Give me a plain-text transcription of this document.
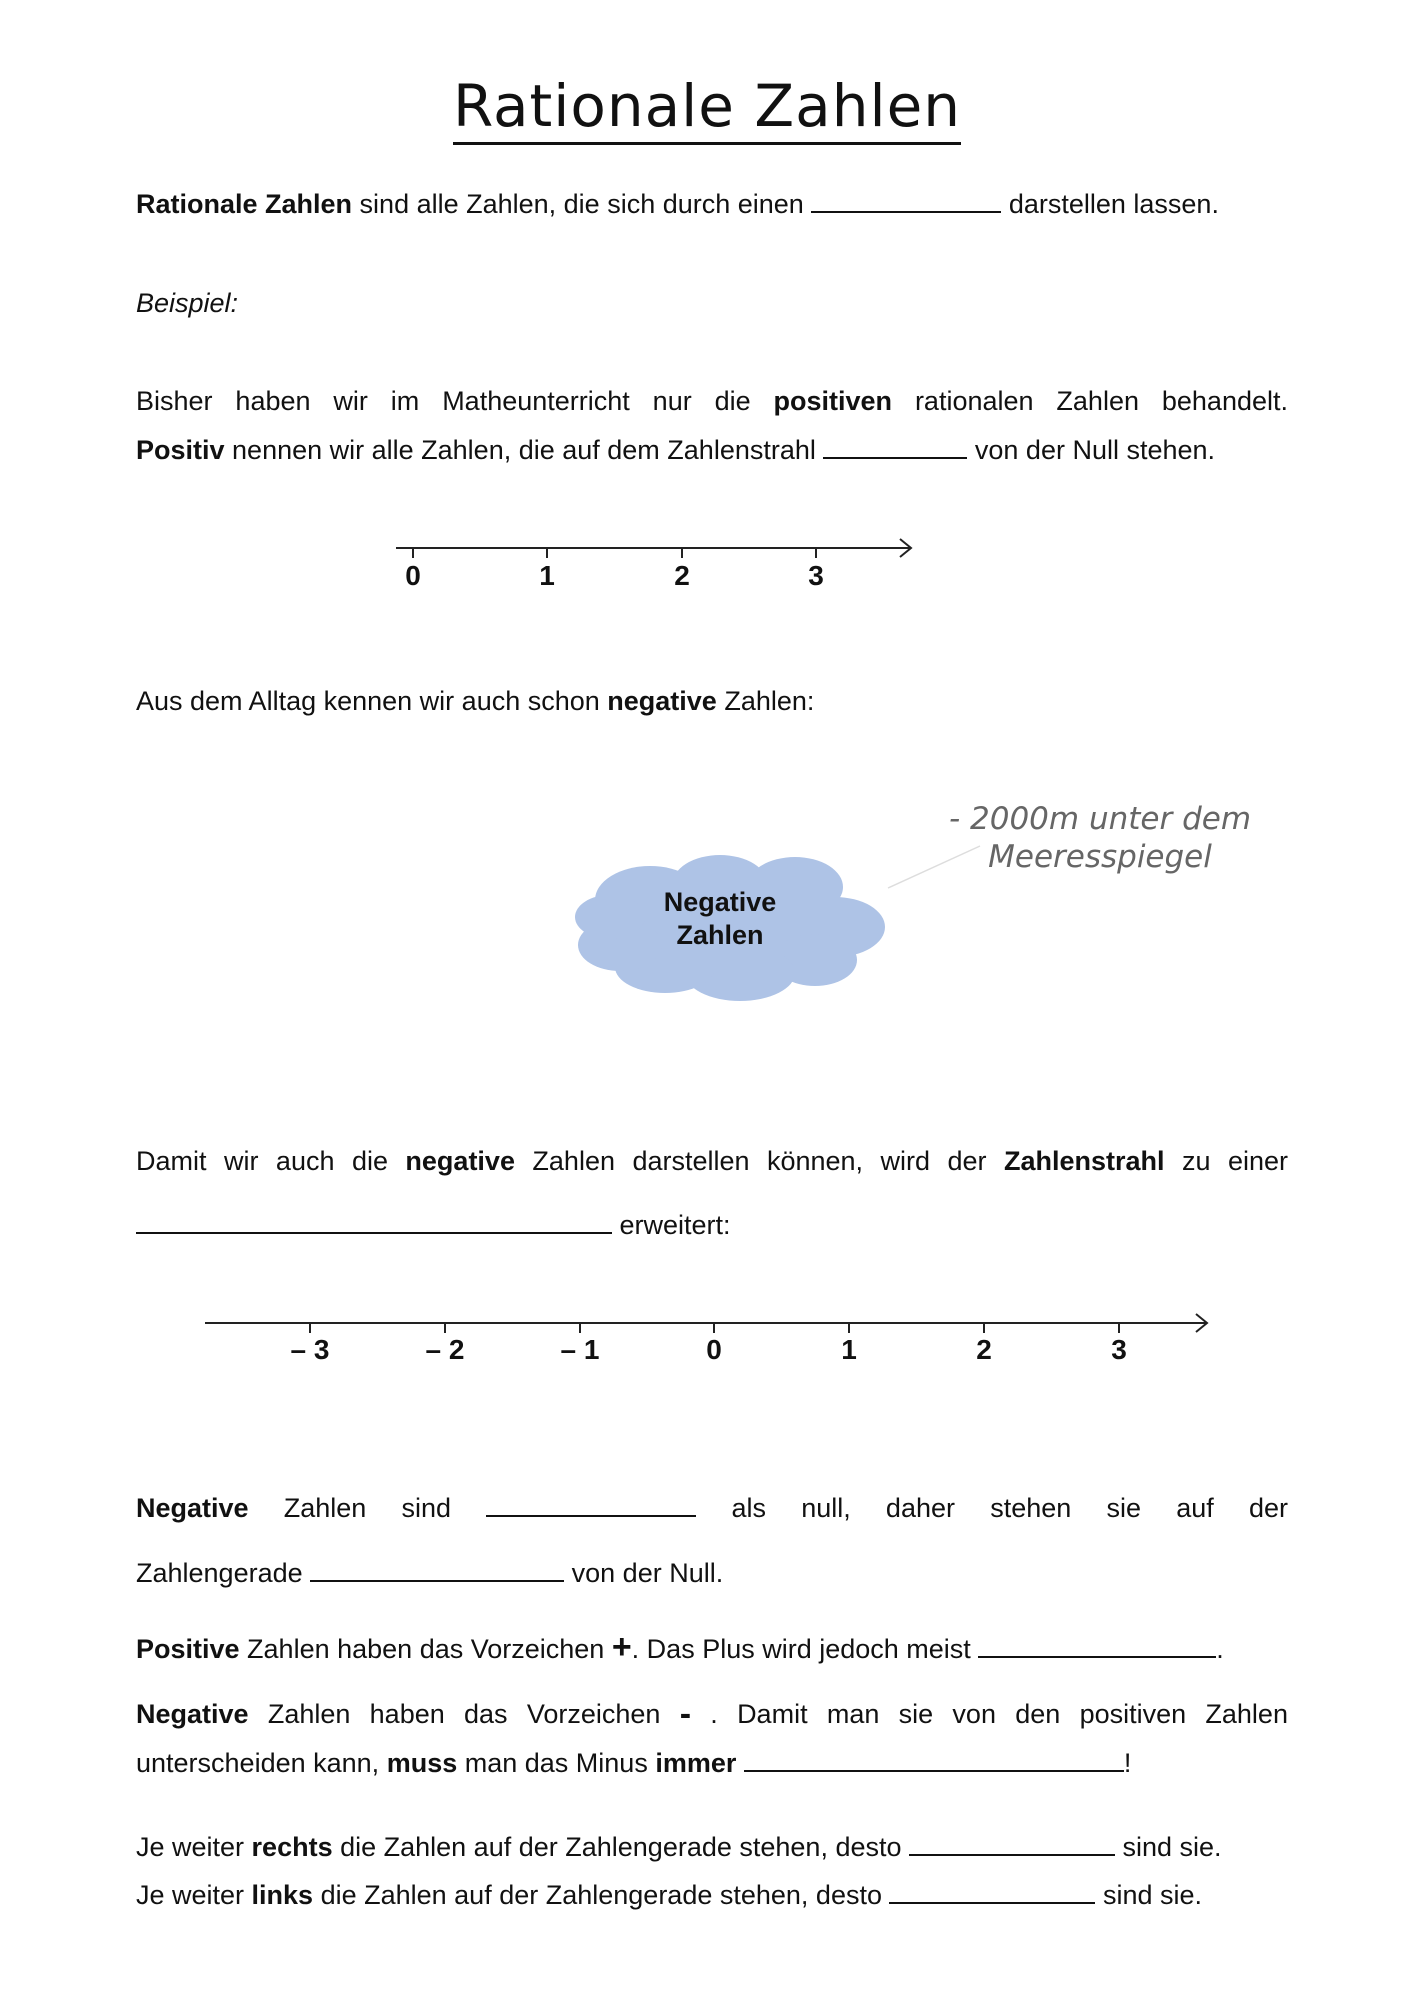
Rationale Zahlen
Rationale Zahlen sind alle Zahlen, die sich durch einen	darstellen lassen.
Beispiel:
Bisher haben wir im Matheunterricht nur die positiven rationalen Zahlen behandelt.
Positiv nennen wir alle Zahlen, die auf dem Zahlenstrahl	von der Null stehen.
0	1	2	3
Aus dem Alltag kennen wir auch schon negative Zahlen:
- 2000m unter dem
Meeresspiegel
Negative
Zahlen
Damit wir auch die negative Zahlen darstellen können, wird der Zahlenstrahl zu einer
erweitert:
– 3	– 2	– 1	0	1	2	3
Negative Zahlen sind	als null, daher stehen sie auf der
Zahlengerade	von der Null.
Positive Zahlen haben das Vorzeichen +. Das Plus wird jedoch meist	.
Negative Zahlen haben das Vorzeichen - . Damit man sie von den positiven Zahlen
unterscheiden kann, muss man das Minus immer	!
Je weiter rechts die Zahlen auf der Zahlengerade stehen, desto	sind sie.
Je weiter links die Zahlen auf der Zahlengerade stehen, desto	sind sie.
